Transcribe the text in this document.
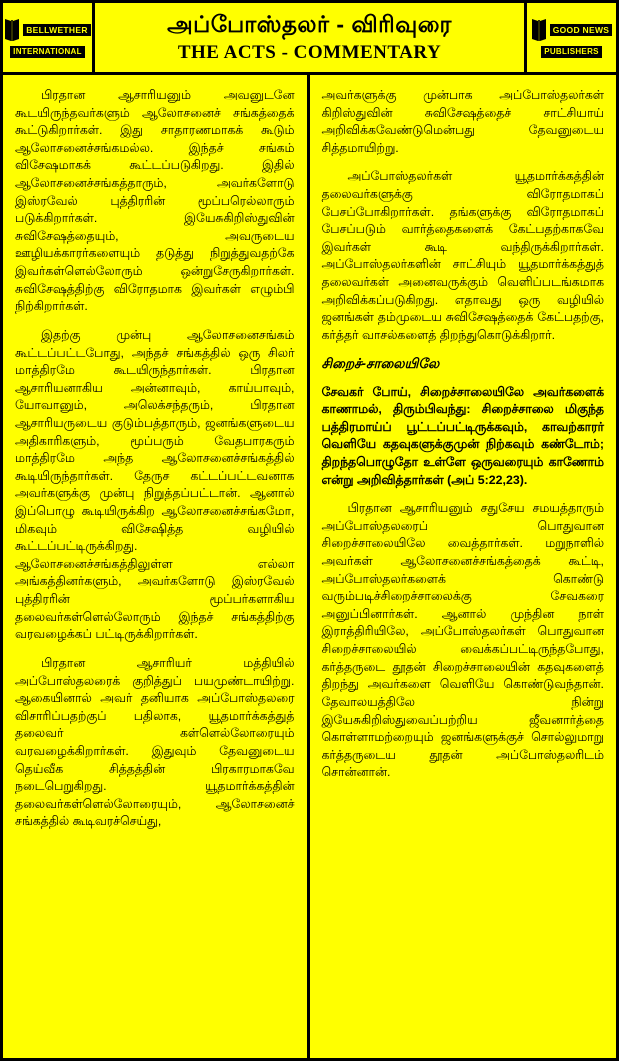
BELLWETHER
INTERNATIONAL
அப்போஸ்தலர் - விரிவுரை
THE ACTS - COMMENTARY
GOOD NEWS
PUBLISHERS

பிரதான ஆசாரியனும் அவனுடனே கூடயிருந்தவர்களும் ஆலோசனைச் சங்கத்தைக் கூட்டுகிறார்கள். இது சாதாரணமாகக் கூடும் ஆலோசனைச்சங்கமல்ல. இந்தச் சங்கம் விசேஷமாகக் கூட்டப்படுகிறது. இதில் ஆலோசனைச்சங்கத்தாரும், அவர்களோடு இஸ்ரவேல் புத்திரரின் மூப்பரெல்லாரும் படுக்கிறார்கள். இயேசுகிறிஸ்துவின் சுவிசேஷத்தையும், அவருடைய ஊழியக்காரர்களையும் தடுத்து நிறுத்துவதற்கே இவர்கள்ளெல்லோரும் ஒன்றுசேருகிறார்கள். சுவிசேஷத்திற்கு விரோதமாக இவர்கள் எழும்பி நிற்கிறார்கள்.

இதற்கு முன்பு ஆலோசனைசங்கம் கூட்டப்பட்டபோது, அந்தச் சங்கத்தில் ஒரு சிலர் மாத்திரமே கூடயிருந்தார்கள். பிரதான ஆசாரியனாகிய அன்னாவும், காய்பாவும், யோவானும், அலெக்சந்தரும், பிரதான ஆசாரியருடைய குடும்பத்தாரும், ஜனங்களுடைய அதிகாரிகளும், மூப்பரும் வேதபாரகரும் மாத்திரமே அந்த ஆலோசனைச்சங்கத்தில் கூடியிருந்தார்கள். தேருச கட்டப்பட்டவனாக அவர்களுக்கு முன்பு நிறுத்தப்பட்டான். ஆனால் இப்பொழு கூடியிருக்கிற ஆலோசனைச்சங்கமோ, மிகவும் விசேஷித்த வழியில் கூட்டப்பட்டிருக்கிறது. ஆலோசனைச்சங்கத்திலுள்ள எல்லா அங்கத்தினர்களும், அவர்களோடு இஸ்ரவேல் புத்திரரின் மூப்பர்களாகிய தலைவர்கள்ளெல்லோரும் இந்தச் சங்கத்திற்கு வரவழைக்கப் பட்டிருக்கிறார்கள்.

பிரதான ஆசாரியர் மத்தியில் அப்போஸ்தலரைக் குறித்துப் பயமுண்டாயிற்று. ஆகையினால் அவர் தனியாக அப்போஸ்தலரை விசாரிப்பதற்குப் பதிலாக, யூதமார்க்கத்துத் தலைவர் கள்ளெல்லோரையும் வரவழைக்கிறார்கள். இதுவும் தேவனுடைய தெய்வீக சித்தத்தின் பிரகாரமாகவே நடைபெறுகிறது. யூதமார்க்கத்தின் தலைவர்கள்ளெல்லோரையும், ஆலோசனைச் சங்கத்தில் கூடிவரச்செய்து,

அவர்களுக்கு முன்பாக அப்போஸ்தலர்கள் கிறிஸ்துவின் சுவிசேஷத்தைச் சாட்சியாய் அறிவிக்கவேண்டுமென்பது தேவனுடைய சித்தமாயிற்று.

அப்போஸ்தலர்கள் யூதமார்க்கத்தின் தலைவர்களுக்கு விரோதமாகப் பேசப்போகிறார்கள். தங்களுக்கு விரோதமாகப் பேசப்படும் வார்த்தைகளைக் கேட்பதற்காகவே இவர்கள் கூடி வந்திருக்கிறார்கள். அப்போஸ்தலர்களின் சாட்சியும் யூதமார்க்கத்துத் தலைவர்கள் அனைவருக்கும் வெளிப்படங்கமாக அறிவிக்கப்படுகிறது. எதாவது ஒரு வழியில் ஜனங்கள் தம்முடைய சுவிசேஷத்தைக் கேட்பதற்கு, கர்த்தர் வாசல்களைத் திறந்துகொடுக்கிறார்.

சிறைச்-சாலையிலே

சேவகர் போய், சிறைச்சாலையிலே அவர்களைக் காணாமல், திரும்பிவந்து: சிறைச்சாலை மிகுந்த பத்திரமாய்ப் பூட்டப்பட்டிருக்கவும், காவற்காரர் வெளியே கதவுகளுக்குமுன் நிற்கவும் கண்டோம்; திறந்தபொழுதோ உள்ளே ஒருவரையும் காணோம் என்று அறிவித்தார்கள் (அப் 5:22,23).

பிரதான ஆசாரியனும் சதுசேய சமயத்தாரும் அப்போஸ்தலரைப் பொதுவான சிறைச்சாலையிலே வைத்தார்கள். மறுநாளில் அவர்கள் ஆலோசனைச்சங்கத்தைக் கூட்டி, அப்போஸ்தலர்களைக் கொண்டு வரும்படிச்சிறைச்சாலைக்கு சேவகரை அனுப்பினார்கள். ஆனால் முந்தின நாள் இராத்திரியிலே, அப்போஸ்தலர்கள் பொதுவான சிறைச்சாலையில் வைக்கப்பட்டிருந்தபோது, கர்த்தருடை தூதன் சிறைச்சாலையின் கதவுகளைத் திறந்து அவர்களை வெளியே கொண்டுவந்தான். தேவாலயத்திலே நின்று இயேசுகிறிஸ்துவைப்பற்றிய ஜீவனார்த்தை கொள்ளாமற்றையும் ஜனங்களுக்குச் சொல்லுமாறு கர்த்தருடைய தூதன் அப்போஸ்தலரிடம் சொன்னான்.
